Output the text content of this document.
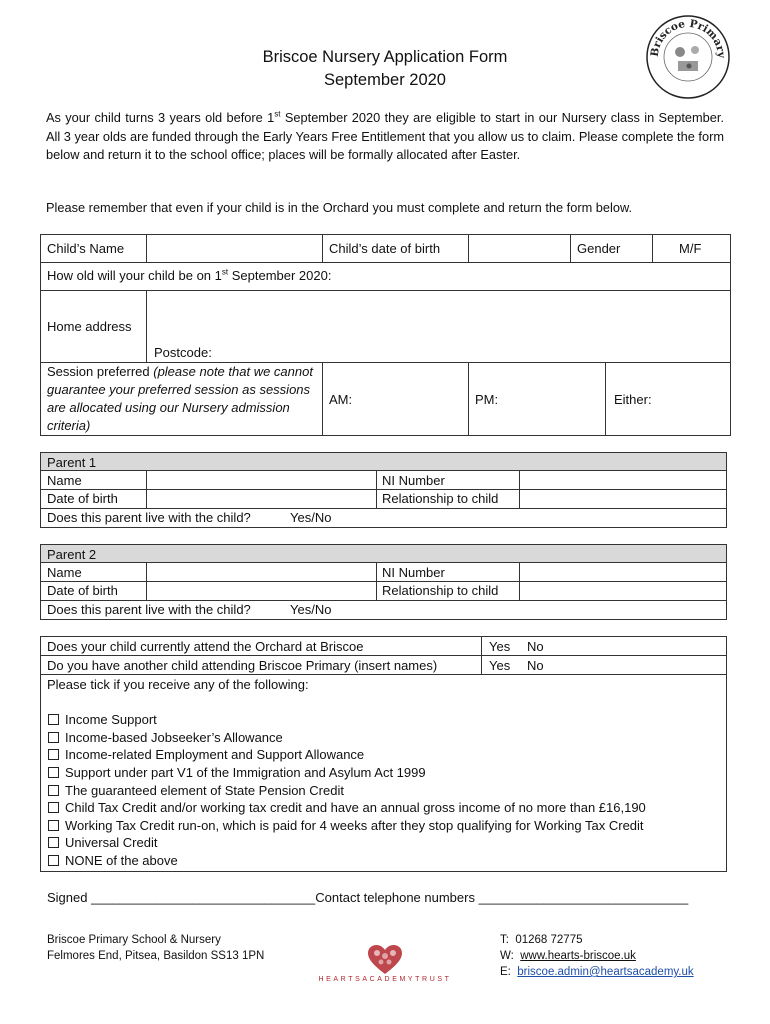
Briscoe Primary
Briscoe Nursery Application Form
September 2020
As your child turns 3 years old before 1st September 2020 they are eligible to start in our Nursery class in September. All 3 year olds are funded through the Early Years Free Entitlement that you allow us to claim. Please complete the form below and return it to the school office; places will be formally allocated after Easter.
Please remember that even if your child is in the Orchard you must complete and return the form below.
Child’s Name	Child’s date of birth	Gender	M/F
How old will your child be on 1st September 2020:
Home address
Postcode:
Session preferred (please note that we cannot guarantee your preferred session as sessions are allocated using our Nursery admission criteria)
AM:	PM:	Either:
Parent 1
Name	NI Number
Date of birth	Relationship to child
Does this parent live with the child?	Yes/No
Parent 2
Name	NI Number
Date of birth	Relationship to child
Does this parent live with the child?	Yes/No
Does your child currently attend the Orchard at Briscoe	Yes No
Do you have another child attending Briscoe Primary (insert names)	Yes No
Please tick if you receive any of the following:
Income Support
Income-based Jobseeker’s Allowance
Income-related Employment and Support Allowance
Support under part V1 of the Immigration and Asylum Act 1999
The guaranteed element of State Pension Credit
Child Tax Credit and/or working tax credit and have an annual gross income of no more than £16,190
Working Tax Credit run-on, which is paid for 4 weeks after they stop qualifying for Working Tax Credit
Universal Credit
NONE of the above
Signed _______________________________Contact telephone numbers _____________________________
Briscoe Primary School & Nursery
Felmores End, Pitsea, Basildon SS13 1PN
HEARTSACADEMYTRUST
T: 01268 72775
W: www.hearts-briscoe.uk
E: briscoe.admin@heartsacademy.uk
